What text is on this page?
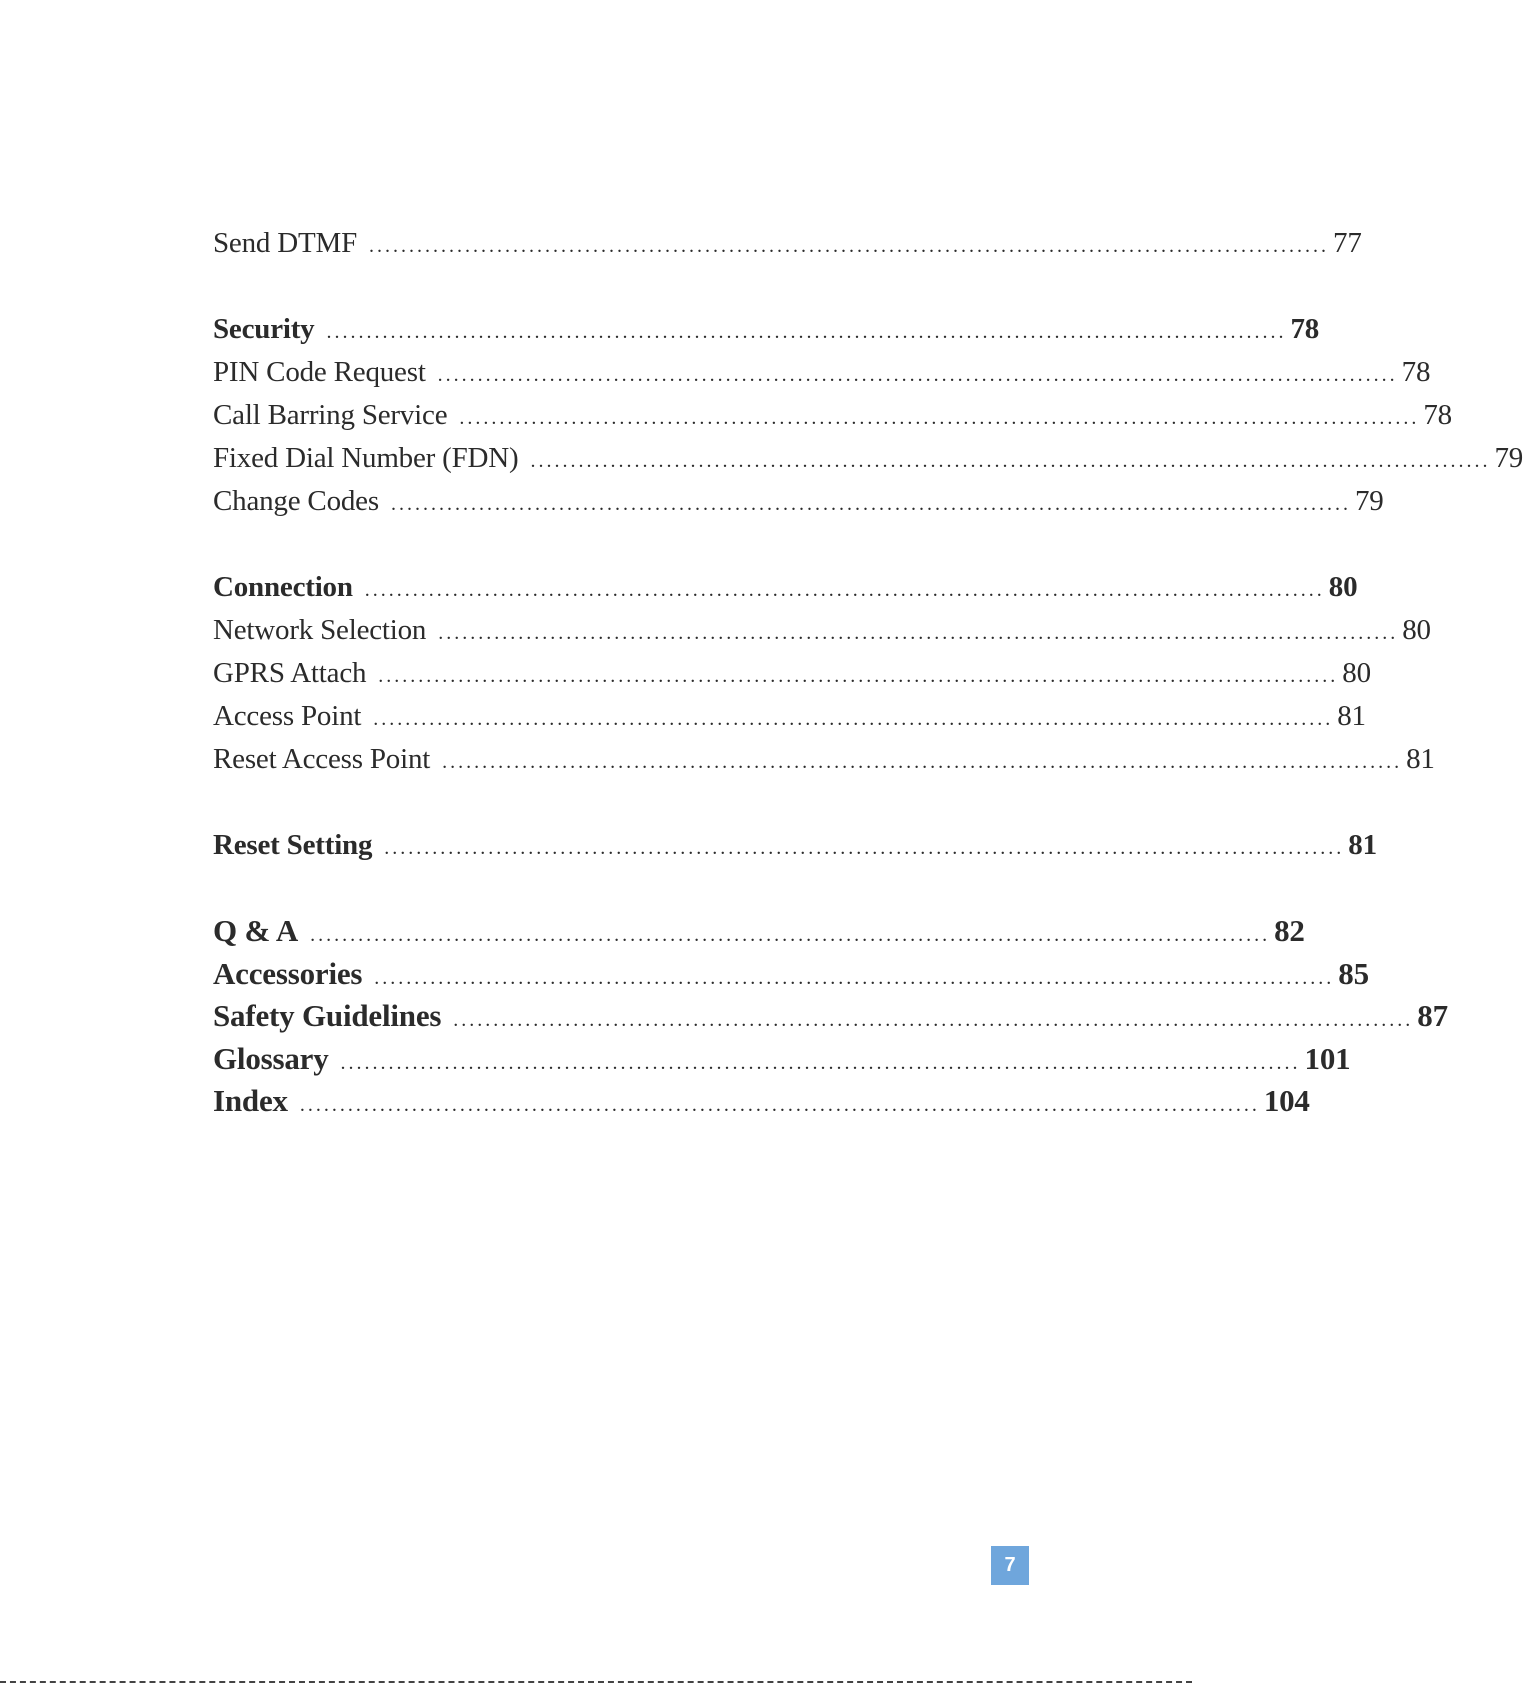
Send DTMF ........................................................................................................................ 77
Security ........................................................................................................................ 78
PIN Code Request ........................................................................................................................ 78
Call Barring Service ........................................................................................................................ 78
Fixed Dial Number (FDN) ........................................................................................................................ 79
Change Codes ........................................................................................................................ 79
Connection ........................................................................................................................ 80
Network Selection ........................................................................................................................ 80
GPRS Attach ........................................................................................................................ 80
Access Point ........................................................................................................................ 81
Reset Access Point ........................................................................................................................ 81
Reset Setting ........................................................................................................................ 81
Q & A ........................................................................................................................ 82
Accessories ........................................................................................................................ 85
Safety Guidelines ........................................................................................................................ 87
Glossary ........................................................................................................................ 101
Index ........................................................................................................................ 104
7
